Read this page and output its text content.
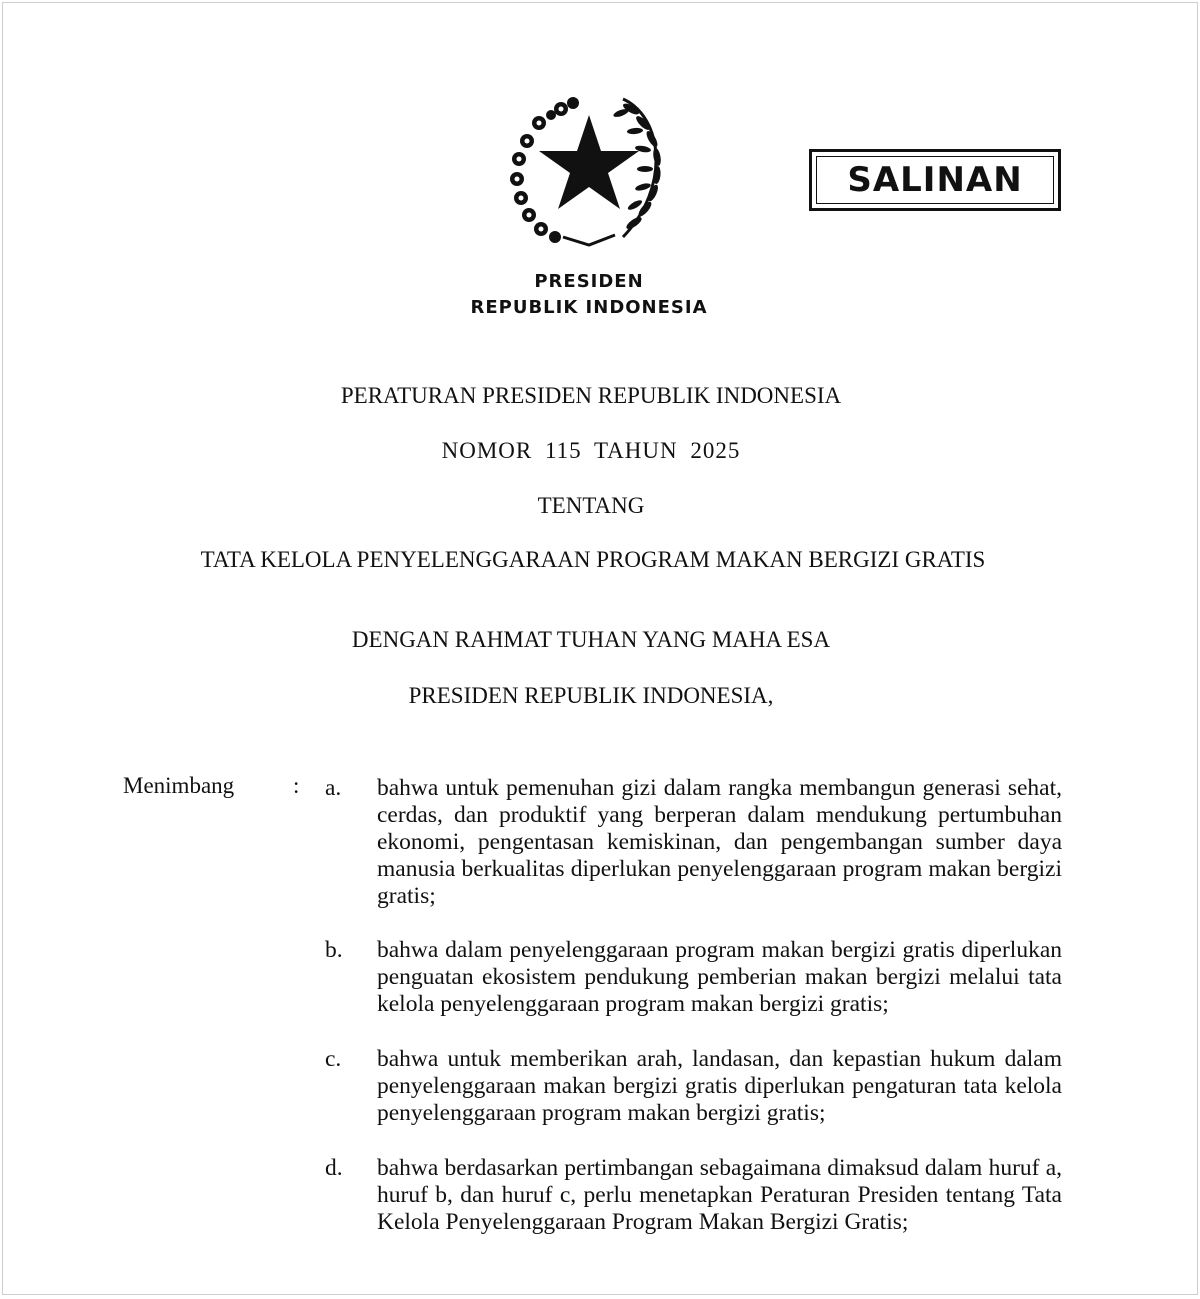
SALINAN
PRESIDEN
REPUBLIK INDONESIA
PERATURAN PRESIDEN REPUBLIK INDONESIA
NOMOR 115 TAHUN 2025
TENTANG
TATA KELOLA PENYELENGGARAAN PROGRAM MAKAN BERGIZI GRATIS
DENGAN RAHMAT TUHAN YANG MAHA ESA
PRESIDEN REPUBLIK INDONESIA,
Menimbang	: a. bahwa untuk pemenuhan gizi dalam rangka membangun generasi sehat, cerdas, dan produktif yang berperan dalam mendukung pertumbuhan ekonomi, pengentasan kemiskinan, dan pengembangan sumber daya manusia berkualitas diperlukan penyelenggaraan program makan bergizi gratis;
b. bahwa dalam penyelenggaraan program makan bergizi gratis diperlukan penguatan ekosistem pendukung pemberian makan bergizi melalui tata kelola penyelenggaraan program makan bergizi gratis;
c. bahwa untuk memberikan arah, landasan, dan kepastian hukum dalam penyelenggaraan makan bergizi gratis diperlukan pengaturan tata kelola penyelenggaraan program makan bergizi gratis;
d. bahwa berdasarkan pertimbangan sebagaimana dimaksud dalam huruf a, huruf b, dan huruf c, perlu menetapkan Peraturan Presiden tentang Tata Kelola Penyelenggaraan Program Makan Bergizi Gratis;
